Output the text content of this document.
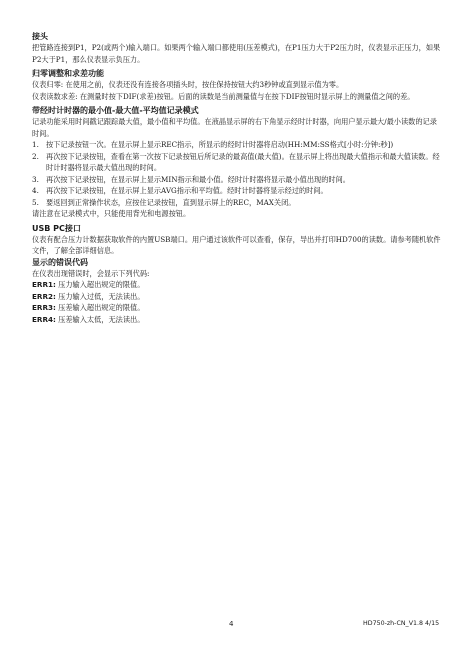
接头

把管路连接到P1，P2(或两个)输入端口。如果两个输入端口都使用(压差模式)，在P1压力大于P2压力时，仪表显示正压力，如果P2大于P1，那么仪表显示负压力。

归零调整和求差功能

仪表归零: 在使用之前，仪表还没有连接各项插头时，按住保持按钮大约3秒钟或直到显示值为零。

仪表读数求差: 在测量时按下DIF(求差)按钮。后面的读数是当前测量值与在按下DIF按钮时显示屏上的测量值之间的差。

带经时计时器的最小值-最大值-平均值记录模式

记录功能采用时间戳记跟踪最大值，最小值和平均值。在液晶显示屏的右下角显示经时计时器，向用户显示最大/最小读数的记录时间。

1. 按下记录按钮一次。在显示屏上显示REC指示，所显示的经时计时器将启动(HH:MM:SS格式[小时:分钟:秒])
2. 再次按下记录按钮，查看在第一次按下记录按钮后所记录的最高值(最大值)。在显示屏上将出现最大值指示和最大值读数。经时计时器将显示最大值出现的时间。
3. 再次按下记录按钮，在显示屏上显示MIN指示和最小值。经时计时器将显示最小值出现的时间。
4. 再次按下记录按钮，在显示屏上显示AVG指示和平均值。经时计时器将显示经过的时间。
5. 要返回到正常操作状态，应按住记录按钮，直到显示屏上的REC，MAX关闭。

请注意在记录模式中，只能使用背光和电源按钮。

USB PC接口

仪表有配合压力计数据获取软件的内置USB端口。用户通过该软件可以查看，保存，导出并打印HD700的读数。请参考随机软件文件，了解全部详细信息。

显示的错误代码

在仪表出现错误时，会显示下列代码:

ERR1: 压力输入超出规定的限值。
ERR2: 压力输入过低，无法读出。
ERR3: 压差输入超出规定的限值。
ERR4: 压差输入太低，无法读出。
4	HD750-zh-CN_V1.8 4/15
